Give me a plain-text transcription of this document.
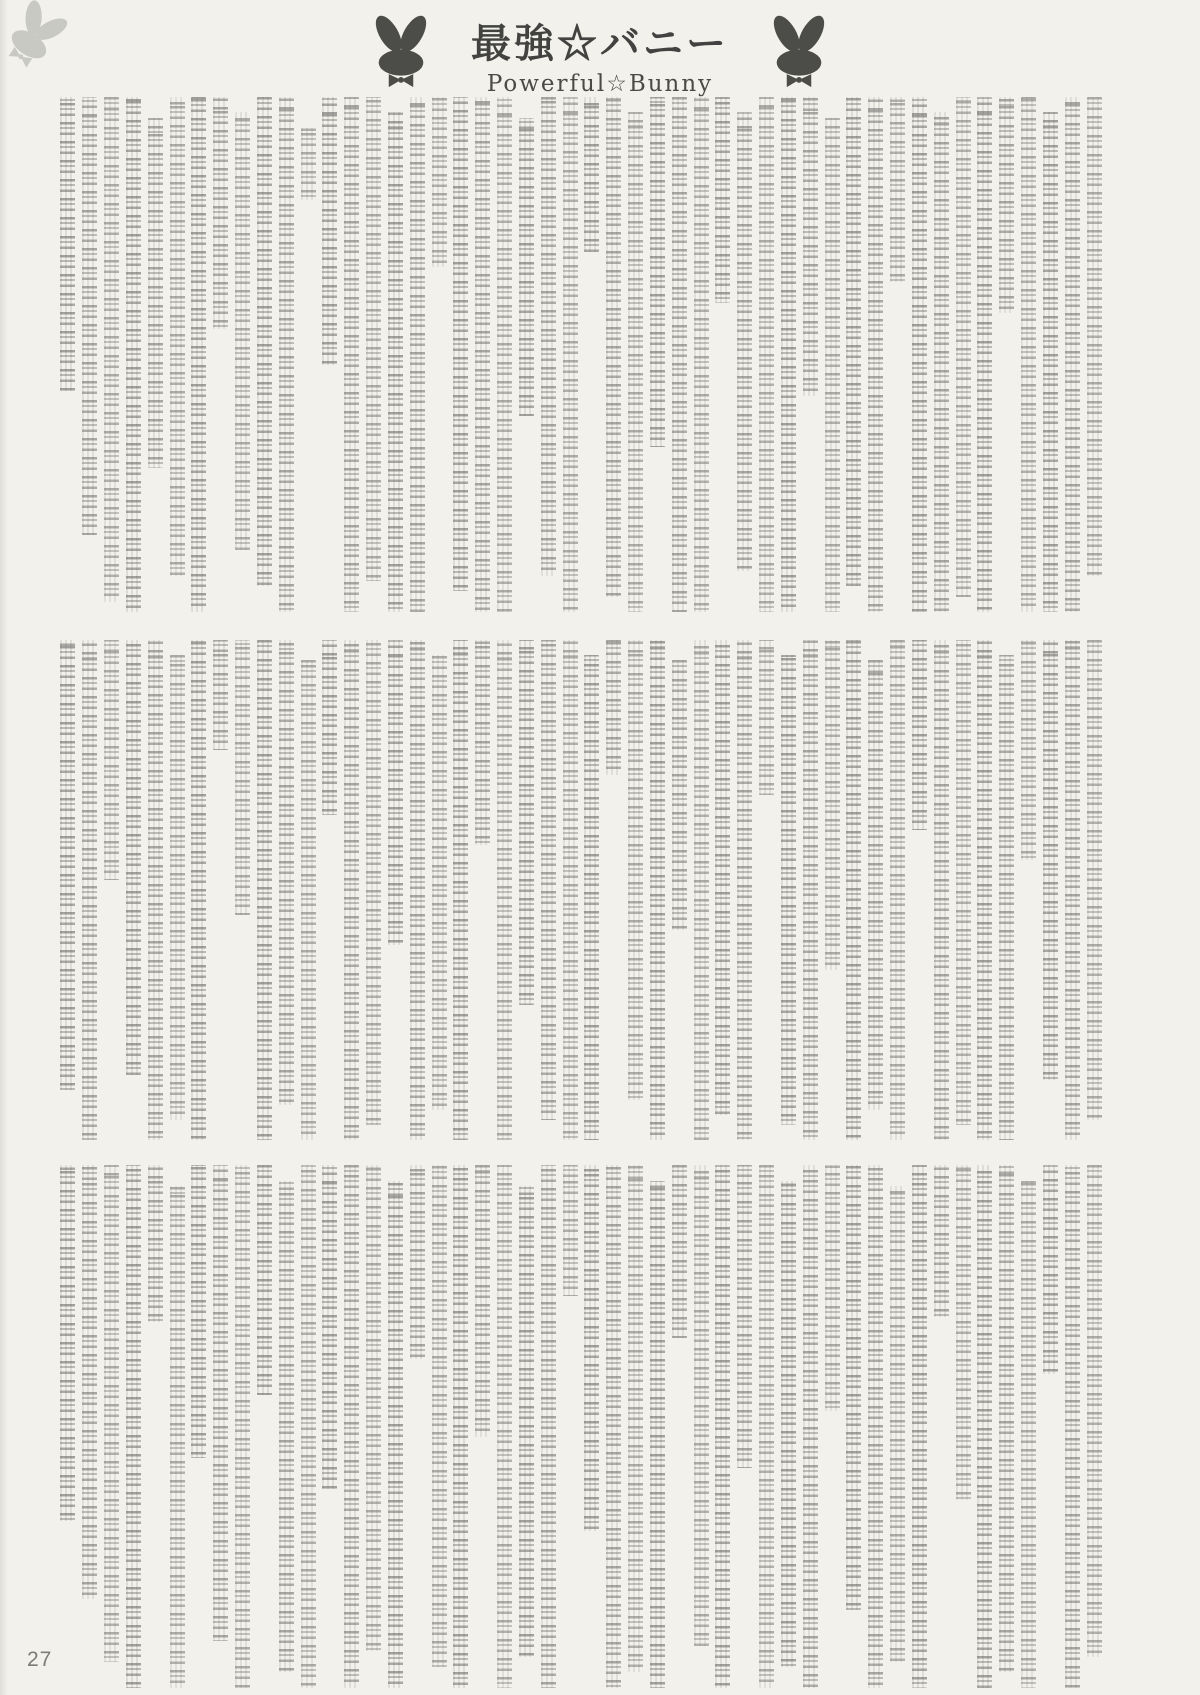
最強☆バニー
Powerful☆Bunny
27
